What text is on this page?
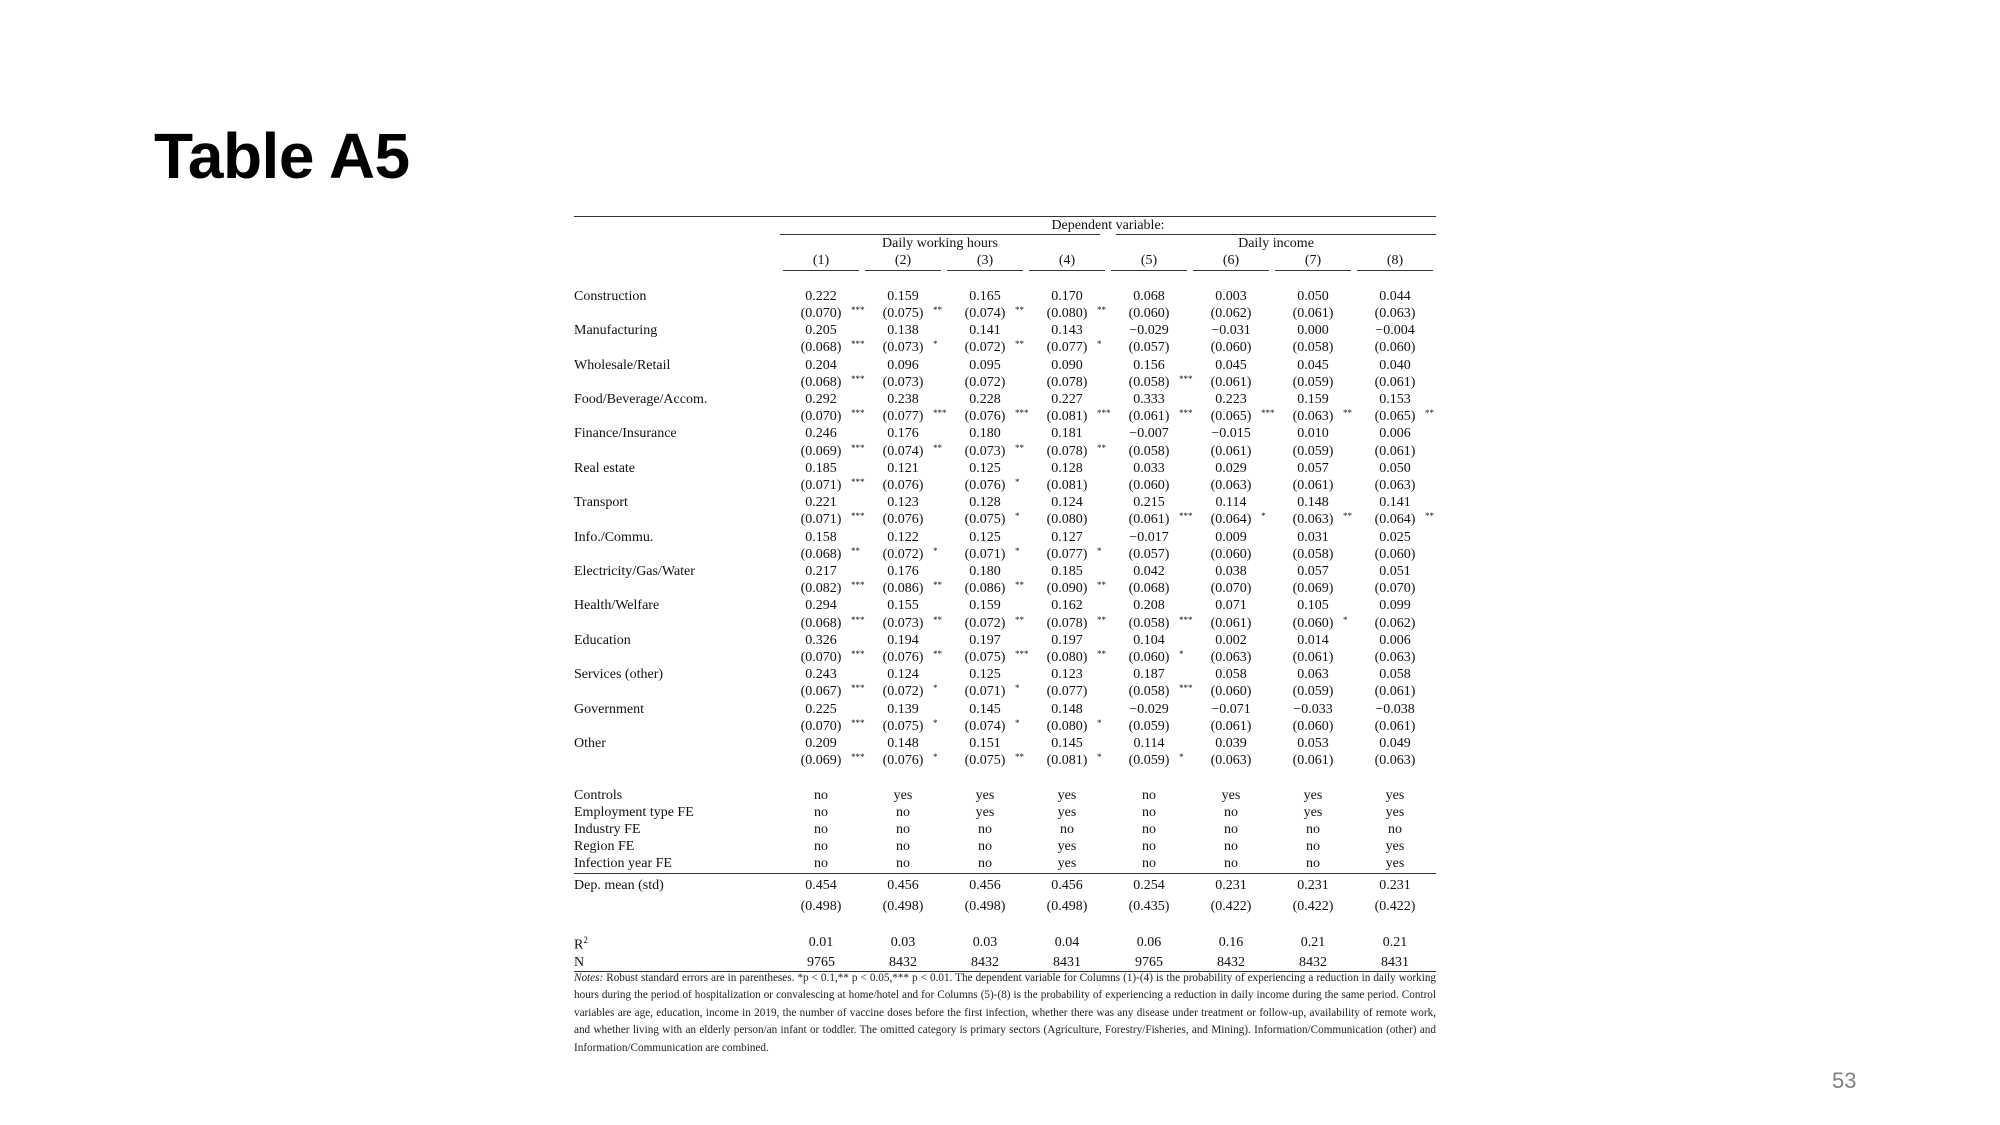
Table A5
	Dependent variable:							

	Daily working hours				Daily income			

	(1)	(2)	(3)	(4)	(5)	(6)	(7)	(8)

Construction	0.222	0.159	0.165	0.170	0.068	0.003	0.050	0.044
	(0.070) ***	(0.075) **	(0.074) **	(0.080) **	(0.060)	(0.062)	(0.061)	(0.063)
Manufacturing	0.205	0.138	0.141	0.143	−0.029	−0.031	0.000	−0.004
	(0.068) ***	(0.073) *	(0.072) **	(0.077) *	(0.057)	(0.060)	(0.058)	(0.060)
Wholesale/Retail	0.204	0.096	0.095	0.090	0.156	0.045	0.045	0.040
	(0.068) ***	(0.073)	(0.072)	(0.078)	(0.058) ***	(0.061)	(0.059)	(0.061)
Food/Beverage/Accom.	0.292	0.238	0.228	0.227	0.333	0.223	0.159	0.153
	(0.070) ***	(0.077) ***	(0.076) ***	(0.081) ***	(0.061) ***	(0.065) ***	(0.063) **	(0.065) **

Finance/Insurance	0.246	0.176	0.180	0.181	−0.007	−0.015	0.010	0.006
	(0.069) ***	(0.074) **	(0.073) **	(0.078) **	(0.058)	(0.061)	(0.059)	(0.061)
Real estate	0.185	0.121	0.125	0.128	0.033	0.029	0.057	0.050
	(0.071) ***	(0.076)	(0.076) *	(0.081)	(0.060)	(0.063)	(0.061)	(0.063)
Transport	0.221	0.123	0.128	0.124	0.215	0.114	0.148	0.141
	(0.071) ***	(0.076)	(0.075) *	(0.080)	(0.061) ***	(0.064) *	(0.063) **	(0.064) **

Info./Commu.	0.158	0.122	0.125	0.127	−0.017	0.009	0.031	0.025
	(0.068) **	(0.072) *	(0.071) *	(0.077) *	(0.057)	(0.060)	(0.058)	(0.060)
Electricity/Gas/Water	0.217	0.176	0.180	0.185	0.042	0.038	0.057	0.051
	(0.082) ***	(0.086) **	(0.086) **	(0.090) **	(0.068)	(0.070)	(0.069)	(0.070)
Health/Welfare	0.294	0.155	0.159	0.162	0.208	0.071	0.105	0.099
	(0.068) ***	(0.073) **	(0.072) **	(0.078) **	(0.058) ***	(0.061)	(0.060) *	(0.062)
Education	0.326	0.194	0.197	0.197	0.104	0.002	0.014	0.006
	(0.070) ***	(0.076) **	(0.075) ***	(0.080) **	(0.060) *	(0.063)	(0.061)	(0.063)
Services (other)	0.243	0.124	0.125	0.123	0.187	0.058	0.063	0.058
	(0.067) ***	(0.072) *	(0.071) *	(0.077)	(0.058) ***	(0.060)	(0.059)	(0.061)
Government	0.225	0.139	0.145	0.148	−0.029	−0.071	−0.033	−0.038
	(0.070) ***	(0.075) *	(0.074) *	(0.080) *	(0.059)	(0.061)	(0.060)	(0.061)
Other	0.209	0.148	0.151	0.145	0.114	0.039	0.053	0.049
	(0.069) ***	(0.076) *	(0.075) **	(0.081) *	(0.059) *	(0.063)	(0.061)	(0.063)

Controls	no	yes	yes	yes	no	yes	yes	yes
Employment type FE	no	no	yes	yes	no	no	yes	yes
Industry FE	no	no	no	no	no	no	no	no
Region FE	no	no	no	yes	no	no	no	yes
Infection year FE	no	no	no	yes	no	no	no	yes
Dep. mean (std)	0.454	0.456	0.456	0.456	0.254	0.231	0.231	0.231
	(0.498)	(0.498)	(0.498)	(0.498)	(0.435)	(0.422)	(0.422)	(0.422)

$R^2$	0.01	0.03	0.03	0.04	0.06	0.16	0.21	0.21
N	9765	8432	8432	8431	9765	8432	8432	8431
Notes: Robust standard errors are in parentheses. *p < 0.1,** p < 0.05,*** p < 0.01. The dependent variable for Columns (1)-(4) is the probability of experiencing a reduction in daily working hours during the period of hospitalization or convalescing at home/hotel and for Columns (5)-(8) is the probability of experiencing a reduction in daily income during the same period. Control variables are age, education, income in 2019, the number of vaccine doses before the first infection, whether there was any disease under treatment or follow-up, availability of remote work, and whether living with an elderly person/an infant or toddler. The omitted category is primary sectors (Agriculture, Forestry/Fisheries, and Mining). Information/Communication (other) and Information/Communication are combined.
53
